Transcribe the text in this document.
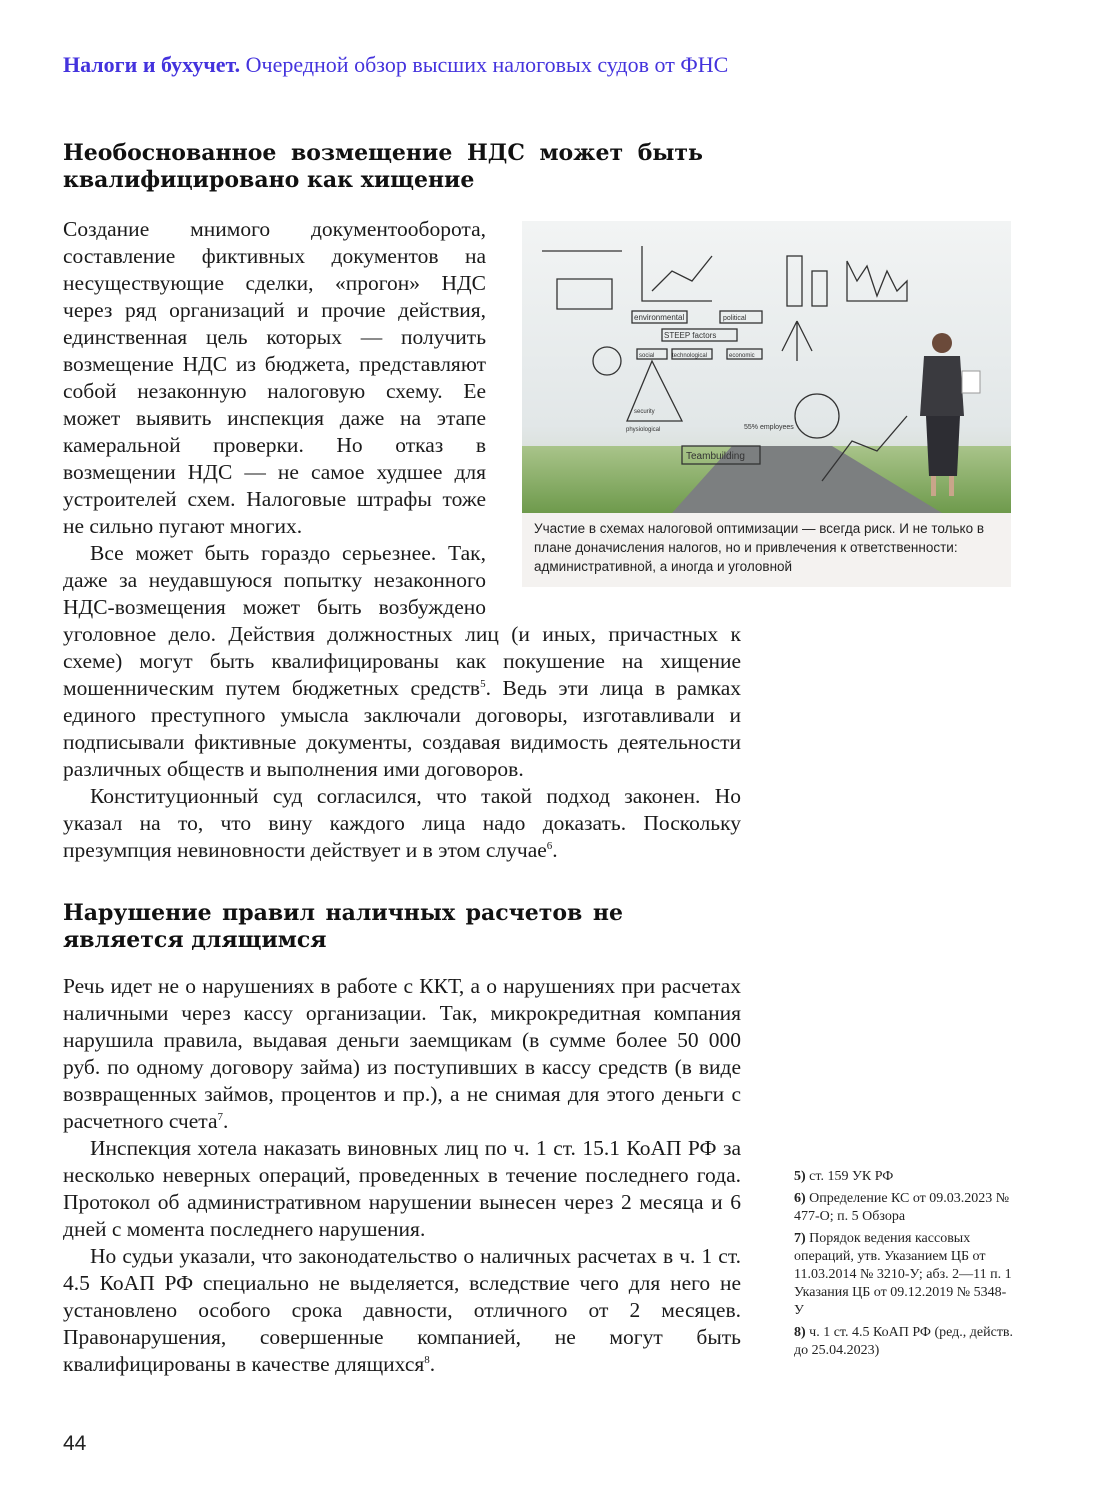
Налоги и бухучет. Очередной обзор высших налоговых судов от ФНС
Необоснованное возмещение НДС может быть квалифицировано как хищение

Создание мнимого документооборота, составление фиктивных документов на несуществующие сделки, «прогон» НДС через ряд организаций и прочие действия, единственная цель которых — получить возмещение НДС из бюджета, представляют собой незаконную налоговую схему. Ее может выявить инспекция даже на этапе камеральной проверки. Но отказ в возмещении НДС — не самое худшее для устроителей схем. Налоговые штрафы тоже не сильно пугают многих.

Все может быть гораздо серьезнее. Так, даже за неудавшуюся попытку незаконного НДС-возмещения может быть возбуждено уголовное дело. Действия должностных лиц (и иных, причастных к схеме) могут быть квалифицированы как покушение на хищение мошенническим путем бюджетных средств$^5$. Ведь эти лица в рамках единого преступного умысла заключали договоры, изготавливали и подписывали фиктивные документы, создавая видимость деятельности различных обществ и выполнения ими договоров.

Конституционный суд согласился, что такой подход законен. Но указал на то, что вину каждого лица надо доказать. Поскольку презумпция невиновности действует и в этом случае$^6$.

STEEP factors
Teambuilding
environmental	political
social	technological	economic
security
physiological	55% employees
Участие в схемах налоговой оптимизации — всегда риск. И не только в плане доначисления налогов, но и привлечения к ответственности: административной, а иногда и уголовной
Нарушение правил наличных расчетов не является длящимся

Речь идет не о нарушениях в работе с ККТ, а о нарушениях при расчетах наличными через кассу организации. Так, микрокредитная компания нарушила правила, выдавая деньги заемщикам (в сумме более 50 000 руб. по одному договору займа) из поступивших в кассу средств (в виде возвращенных займов, процентов и пр.), а не снимая для этого деньги с расчетного счета$^7$.

Инспекция хотела наказать виновных лиц по ч. 1 ст. 15.1 КоАП РФ за несколько неверных операций, проведенных в течение последнего года. Протокол об административном нарушении вынесен через 2 месяца и 6 дней с момента последнего нарушения.

Но судьи указали, что законодательство о наличных расчетах в ч. 1 ст. 4.5 КоАП РФ специально не выделяется, вследствие чего для него не установлено особого срока давности, отличного от 2 месяцев. Правонарушения, совершенные компанией, не могут быть квалифицированы в качестве длящихся$^8$.

5) ст. 159 УК РФ
6) Определение КС от 09.03.2023 № 477-О; п. 5 Обзора
7) Порядок ведения кассовых операций, утв. Указанием ЦБ от 11.03.2014 № 3210-У; абз. 2—11 п. 1 Указания ЦБ от 09.12.2019 № 5348-У
8) ч. 1 ст. 4.5 КоАП РФ (ред., действ. до 25.04.2023)
44
